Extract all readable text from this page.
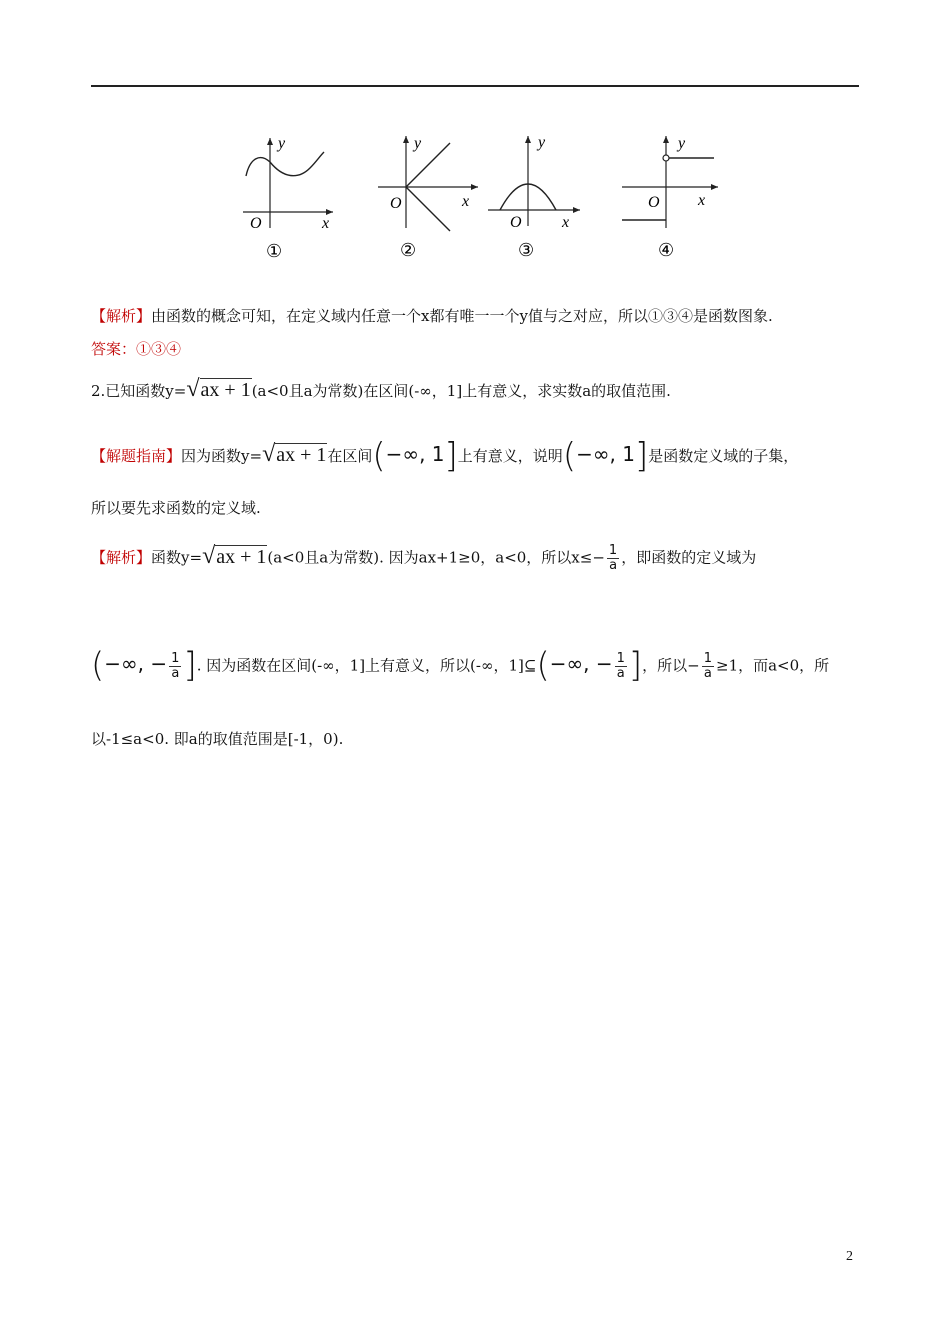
y
x
O
①
y
x
O
②
y
x
O
③
y
x
O
④
【解析】由函数的概念可知，在定义域内任意一个x都有唯一一个y值与之对应，所以①③④是函数图象.
答案：①③④
2.已知函数y=√ax + 1(a<0且a为常数)在区间(-∞，1]上有意义，求实数a的取值范围.
【解题指南】因为函数y=√ax + 1在区间(−∞, 1]上有意义，说明(−∞, 1]是函数定义域的子集，
所以要先求函数的定义域.
【解析】函数y=√ax + 1(a<0且a为常数). 因为ax+1≥0，a<0，所以$x\le- \frac{1}{a}$ ，即函数的定义域为
(−∞, − $\frac{1}{a}$ ]. 因为函数在区间(-∞，1]上有意义，所以(-∞，1]⊆(−∞, − $\frac{1}{a}$ ]，所以− $\frac{1}{a} \ge 1$，而a<0，所
以-1≤a<0. 即a的取值范围是[-1，0).
2
